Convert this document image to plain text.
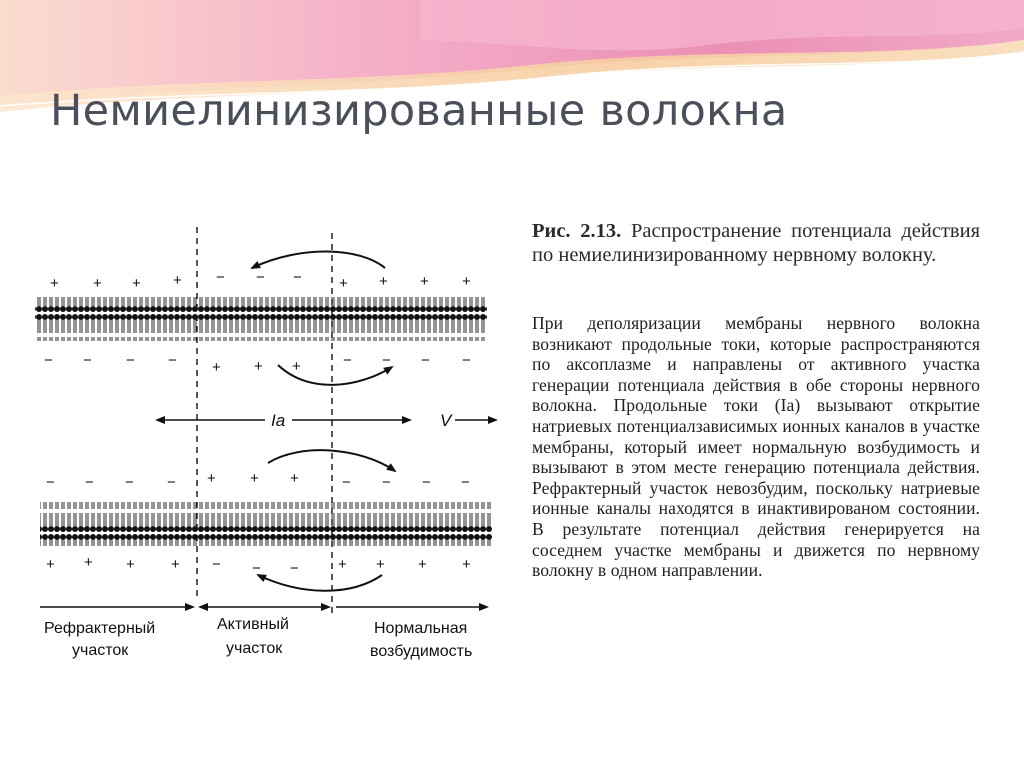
Немиелинизированные волокна
+ + + + − − − + + + +
− − − − + + +	− − − −
Ia	V
− − − − + + +	− − − −
+ + + + − − −	+ + + +
Рефрактерный
участок
Активный
участок
Нормальная
возбудимость

Рис. 2.13. Распространение потенциала действия по немиелинизированному нервному волокну.

При деполяризации мембраны нервного волокна возникают продольные токи, которые распространяются по аксоплазме и направлены от активного участка генерации потенциала действия в обе стороны нервного волокна. Продольные токи (Ia) вызывают открытие натриевых потенциалзависимых ионных каналов в участке мембраны, который имеет нормальную возбудимость и вызывают в этом месте генерацию потенциала действия. Рефрактерный участок невозбудим, поскольку натриевые ионные каналы находятся в инактивированом состоянии. В результате потенциал действия генерируется на соседнем участке мембраны и движется по нервному волокну в одном направлении.
